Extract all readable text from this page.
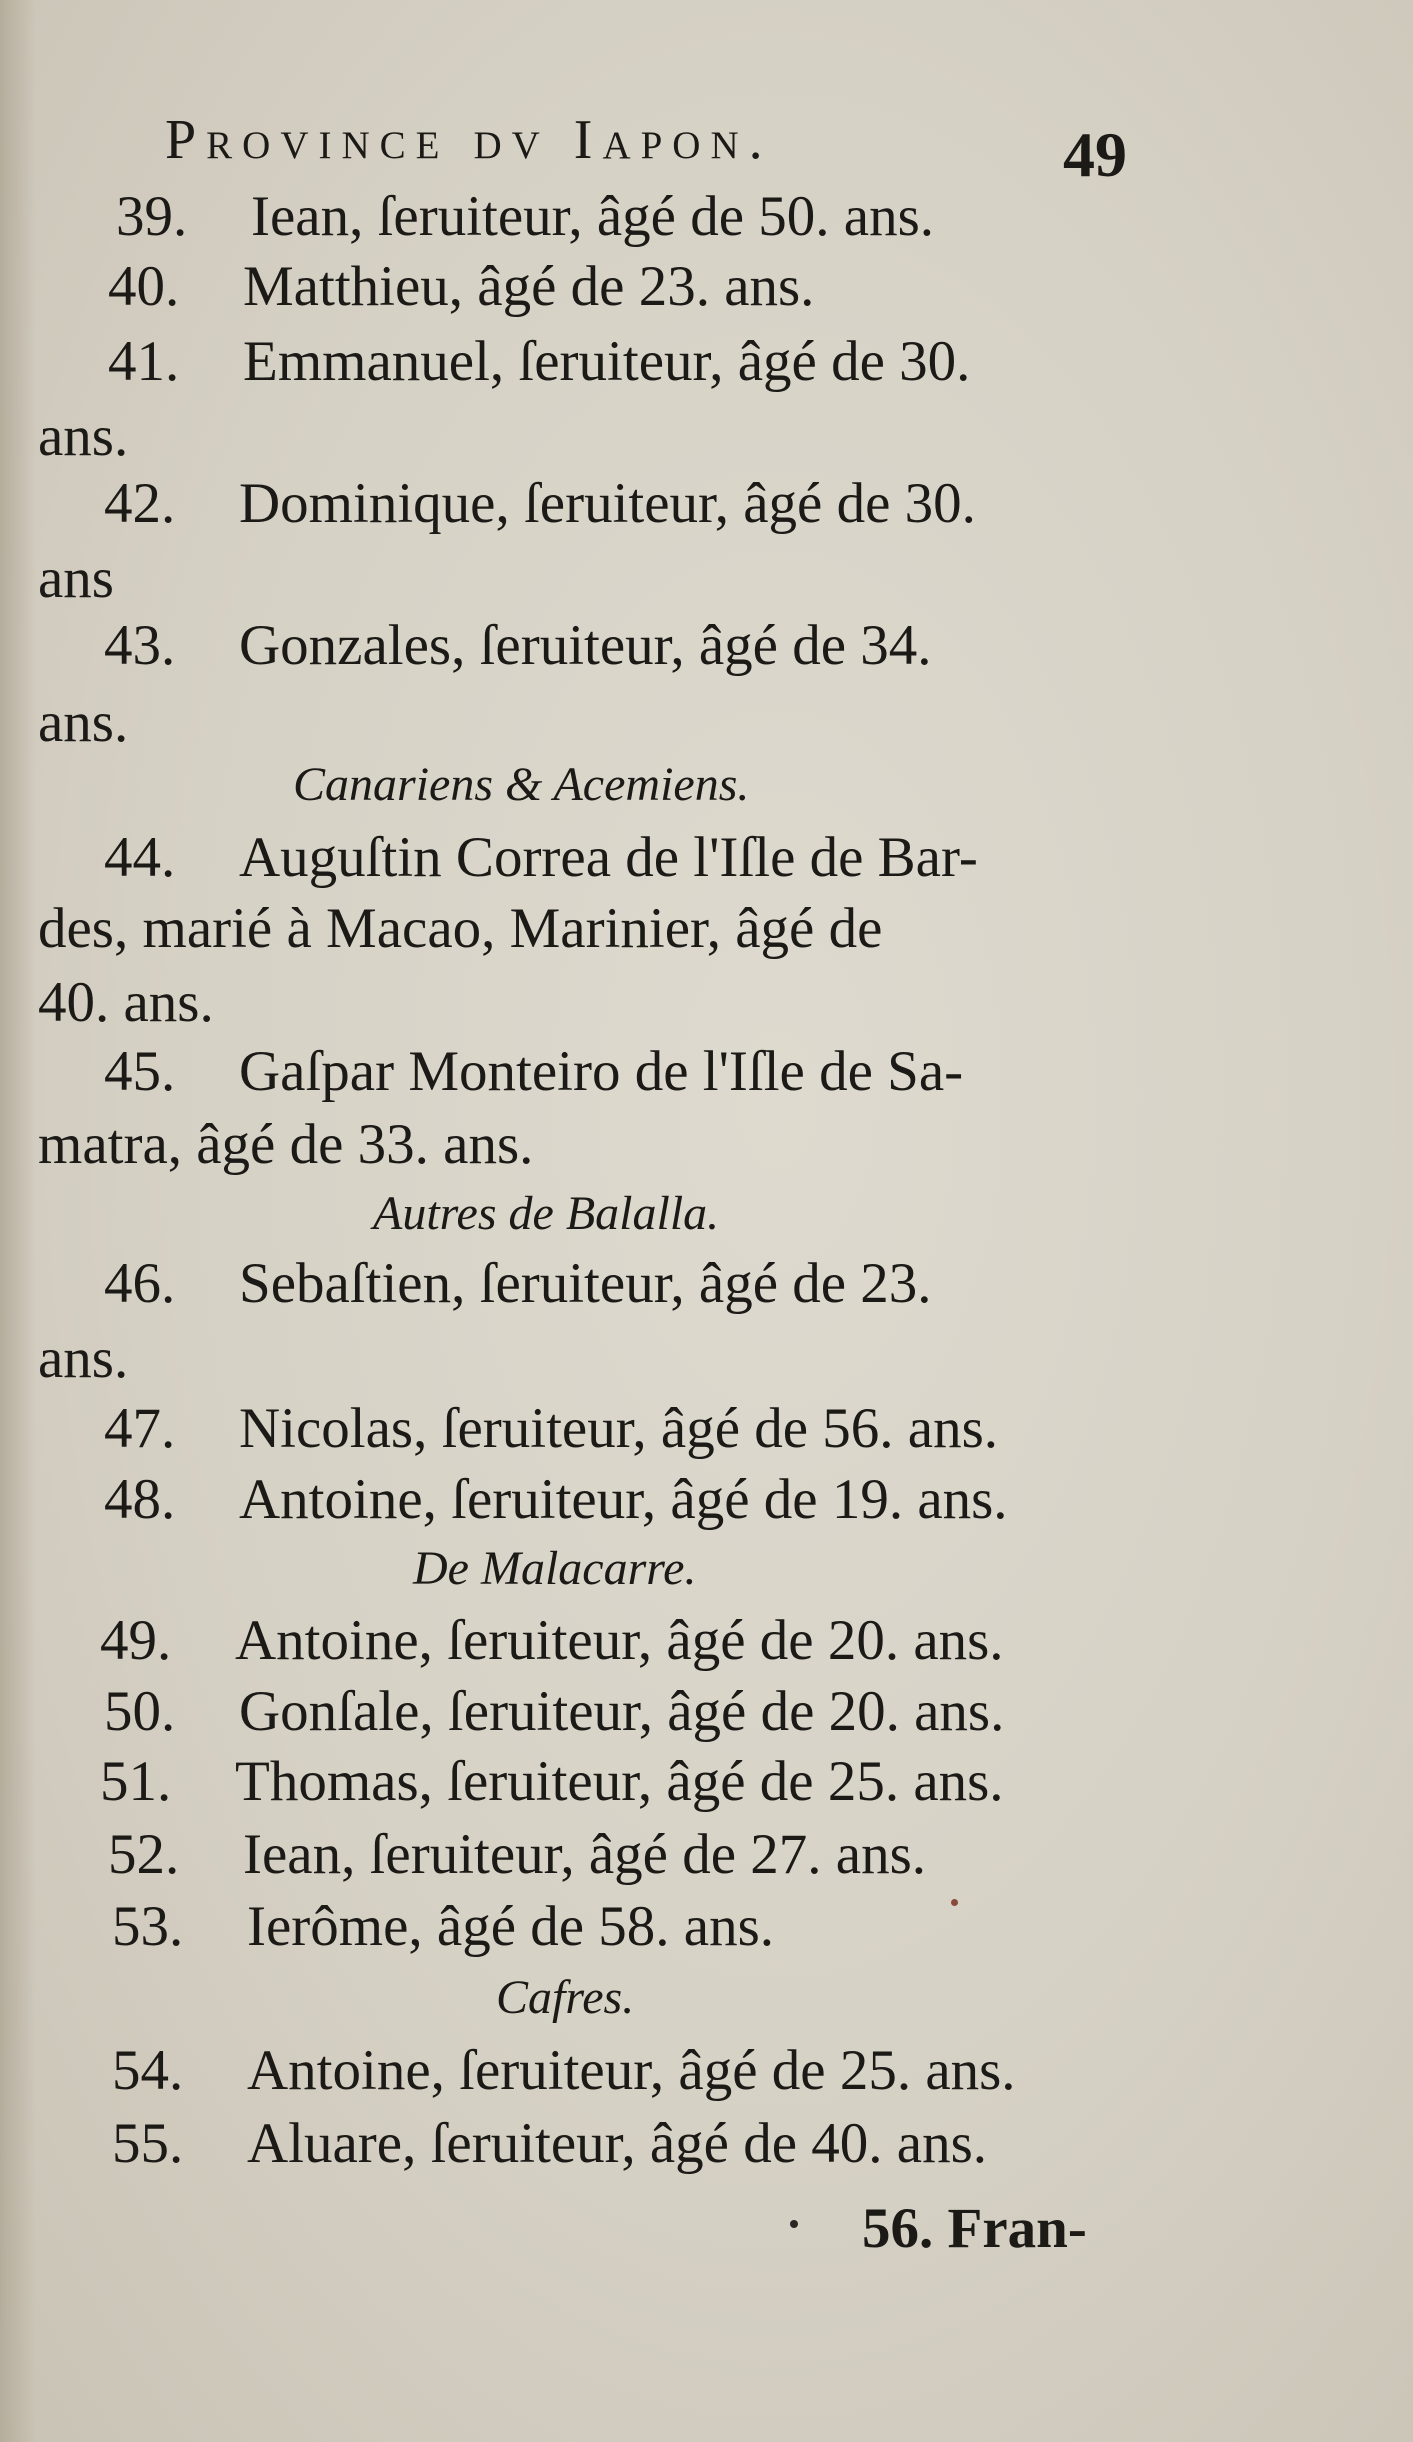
Province dv Iapon.	49
39. Iean, ſeruiteur, âgé de 50. ans.
40. Matthieu, âgé de 23. ans.
41. Emmanuel, ſeruiteur, âgé de 30.
ans.
42. Dominique, ſeruiteur, âgé de 30.
ans
43. Gonzales, ſeruiteur, âgé de 34.
ans.
Canariens & Acemiens.
44. Auguſtin Correa de l'Iſle de Bar-
des, marié à Macao, Marinier, âgé de
40. ans.
45. Gaſpar Monteiro de l'Iſle de Sa-
matra, âgé de 33. ans.
Autres de Balalla.
46. Sebaſtien, ſeruiteur, âgé de 23.
ans.
47. Nicolas, ſeruiteur, âgé de 56. ans.
48. Antoine, ſeruiteur, âgé de 19. ans.
De Malacarre.
49. Antoine, ſeruiteur, âgé de 20. ans.
50. Gonſale, ſeruiteur, âgé de 20. ans.
51. Thomas, ſeruiteur, âgé de 25. ans.
52. Iean, ſeruiteur, âgé de 27. ans.
53. Ierôme, âgé de 58. ans.
Cafres.
54. Antoine, ſeruiteur, âgé de 25. ans.
55. Aluare, ſeruiteur, âgé de 40. ans.
56. Fran-
